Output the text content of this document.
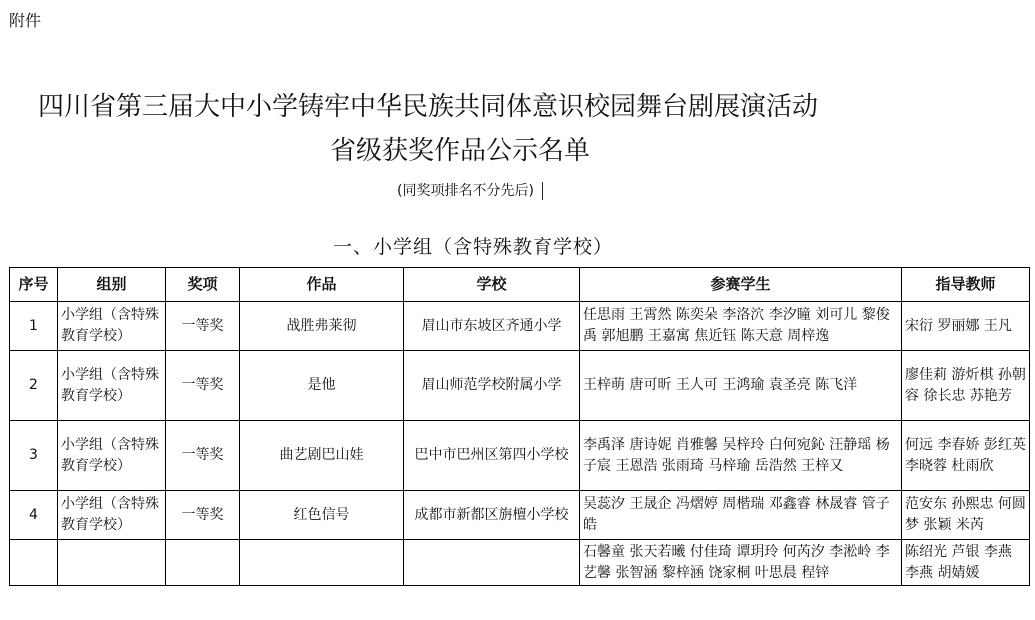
附件
四川省第三届大中小学铸牢中华民族共同体意识校园舞台剧展演活动
省级获奖作品公示名单
(同奖项排名不分先后)
一、小学组（含特殊教育学校）
序号	组别	奖项	作品	学校	参赛学生	指导教师
1	小学组（含特殊教育学校）	一等奖	战胜弗莱彻	眉山市东坡区齐通小学	任思雨 王霄然 陈奕朵 李洛泬 李汐瞳 刘可儿 黎俊禹 郭旭鹏 王嘉寓 焦近钰 陈天意 周梓逸	宋衍 罗丽娜 王凡
2	小学组（含特殊教育学校）	一等奖	是他	眉山师范学校附属小学	王梓萌 唐可昕 王人可 王鸿瑜 袁圣亮 陈飞洋	廖佳莉 游炘棋 孙朝容 徐长忠 苏艳芳
3	小学组（含特殊教育学校）	一等奖	曲艺剧巴山娃	巴中市巴州区第四小学校	李禹泽 唐诗妮 肖雅馨 吴梓玲 白何宛鈊 汪静瑶 杨子宸 王恩浩 张雨琦 马梓瑜 岳浩然 王梓又	何远 李春娇 彭红英 李晓蓉 杜雨欣
4	小学组（含特殊教育学校）	一等奖	红色信号	成都市新都区旃檀小学校	吴蕊汐 王晟企 冯熠婷 周楷瑞 邓鑫睿 林晟睿 管子皓	范安东 孙熙忠 何圆梦 张颖 米芮
					石馨童 张天若曦 付佳琦 谭玥玲 何芮汐 李淞岭 李艺馨 张智涵 黎梓涵 饶家桐 叶思晨 程锌	陈绍光 芦银 李燕 李燕 胡婧媛
